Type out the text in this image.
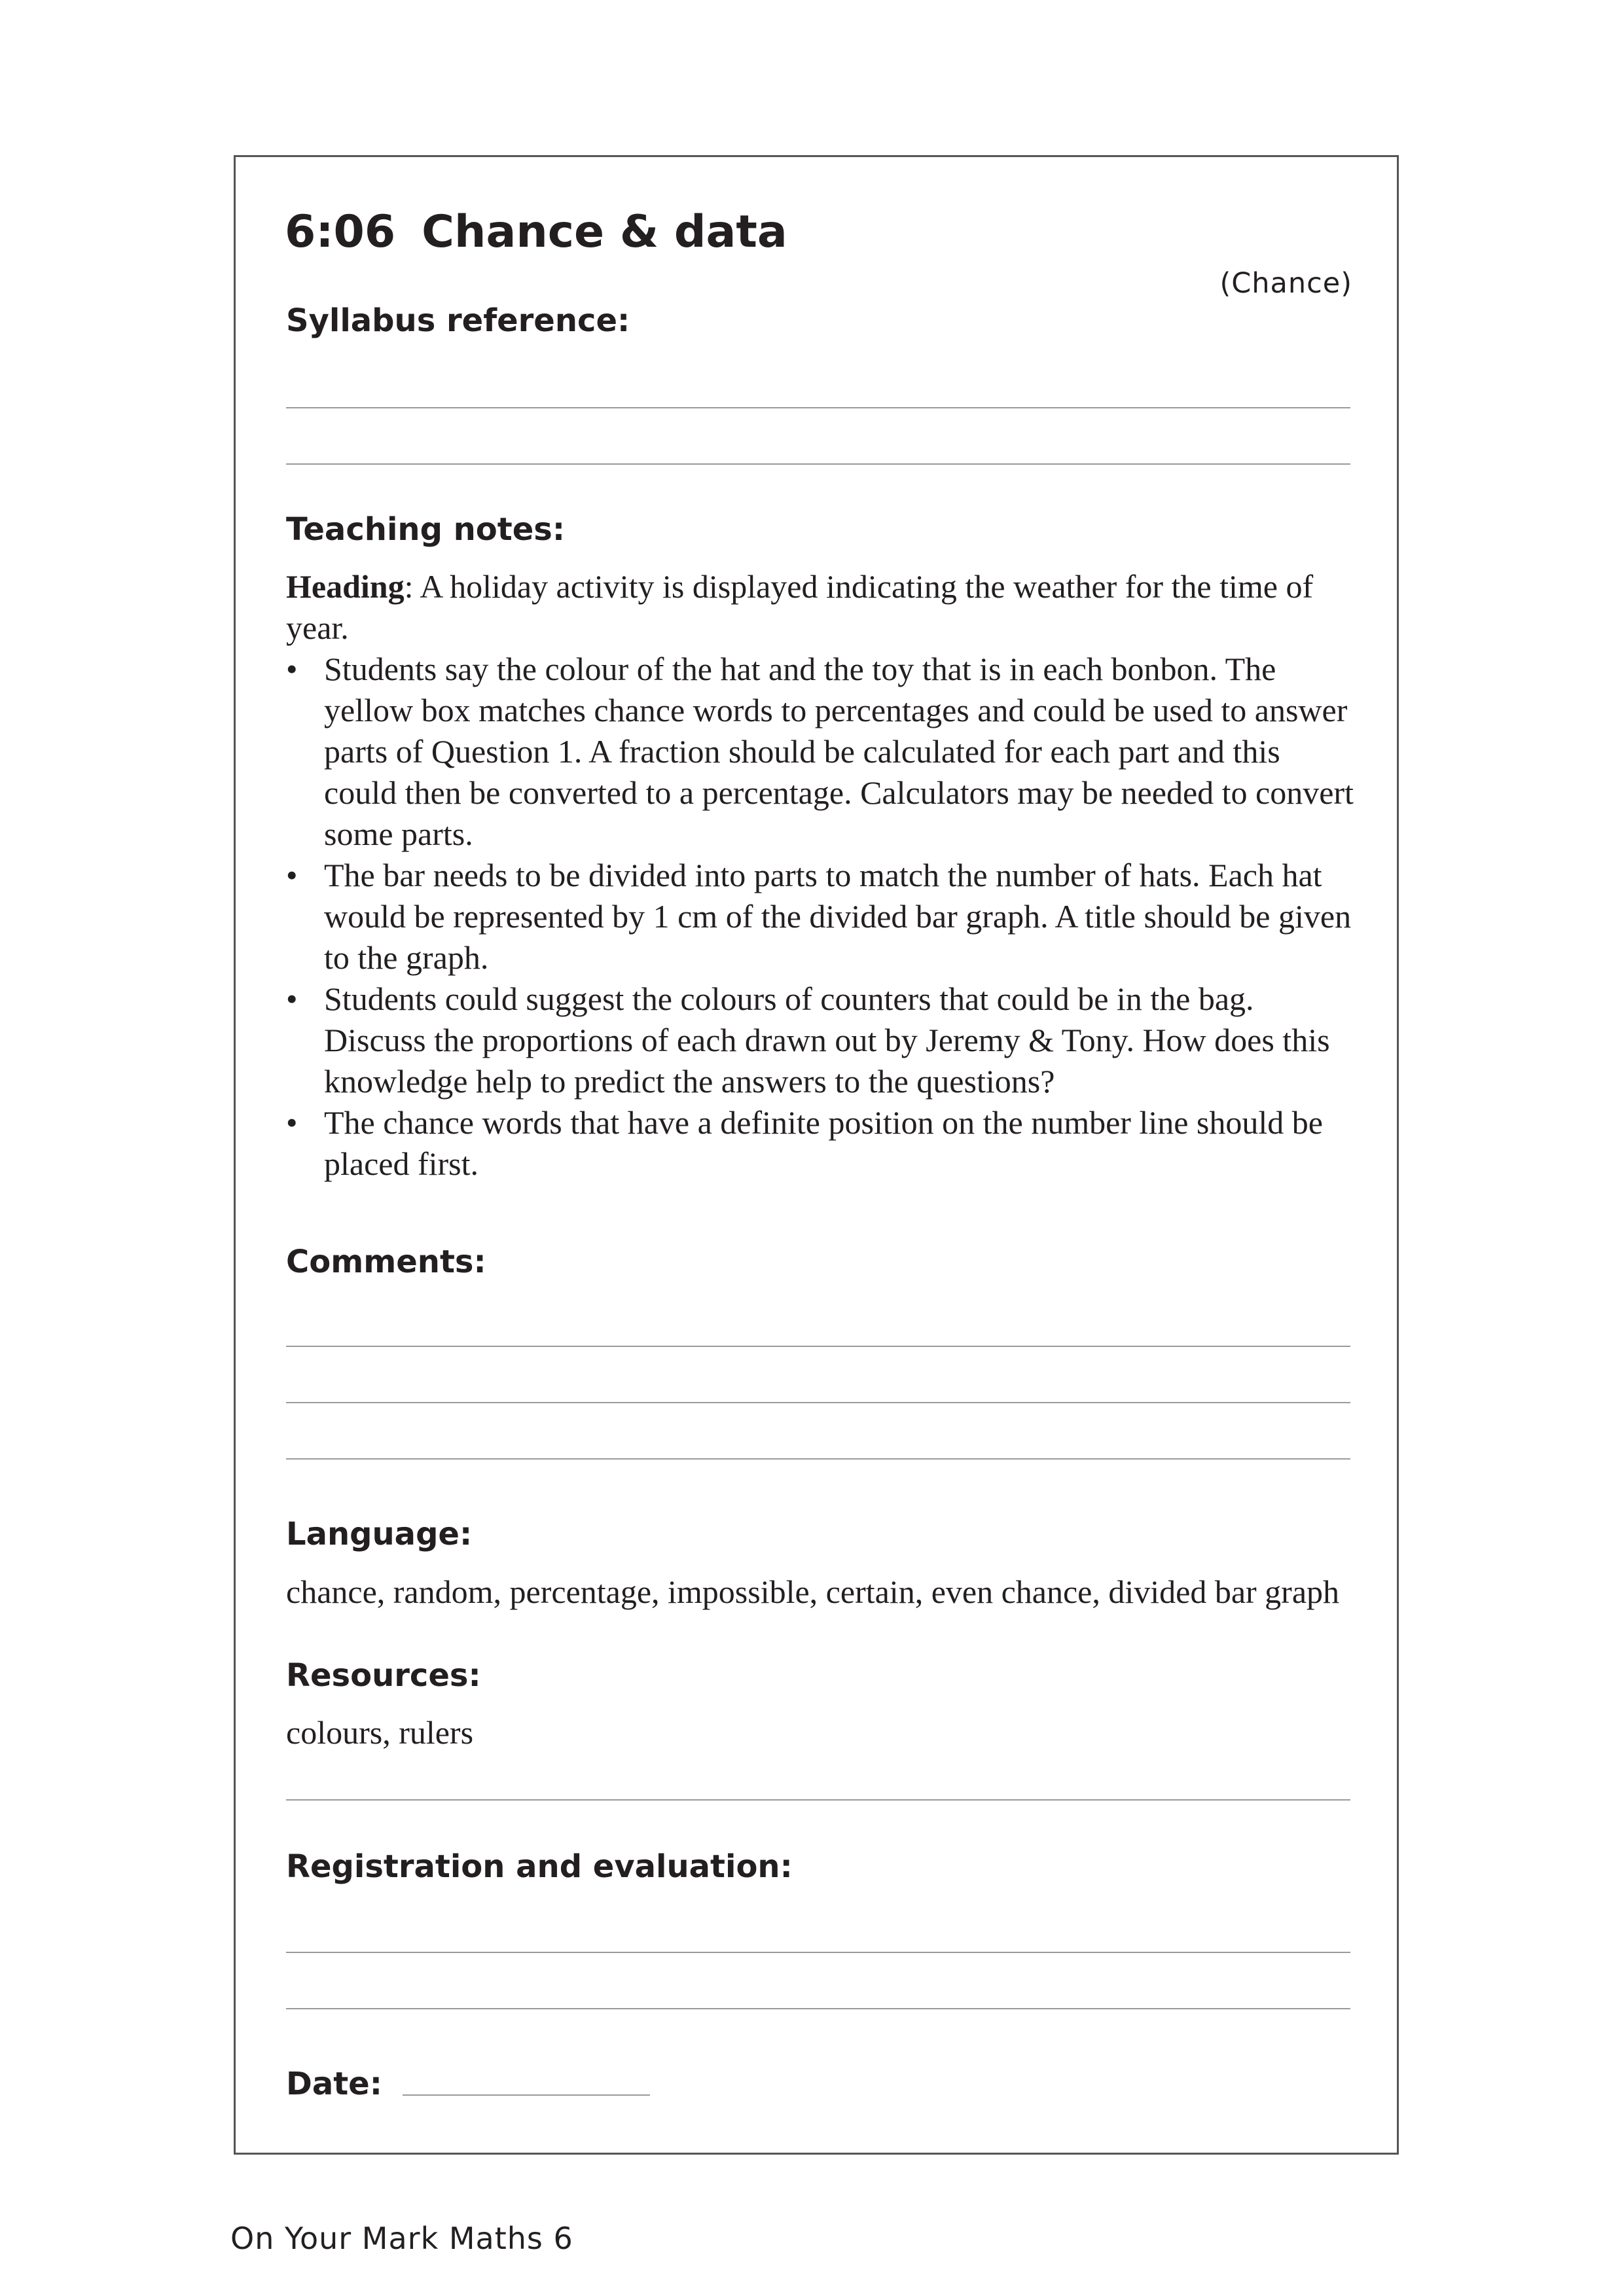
6:06 Chance & data
(Chance)
Syllabus reference:
Teaching notes:

Heading: A holiday activity is displayed indicating the weather for the time of year.

• Students say the colour of the hat and the toy that is in each bonbon. The yellow box matches chance words to percentages and could be used to answer parts of Question 1. A fraction should be calculated for each part and this could then be converted to a percentage. Calculators may be needed to convert some parts.
• The bar needs to be divided into parts to match the number of hats. Each hat would be represented by 1 cm of the divided bar graph. A title should be given to the graph.
• Students could suggest the colours of counters that could be in the bag. Discuss the proportions of each drawn out by Jeremy & Tony. How does this knowledge help to predict the answers to the questions?
• The chance words that have a definite position on the number line should be placed first.
Comments:
Language:

chance, random, percentage, impossible, certain, even chance, divided bar graph

Resources:

colours, rulers

Registration and evaluation:
Date:
On Your Mark Maths 6
